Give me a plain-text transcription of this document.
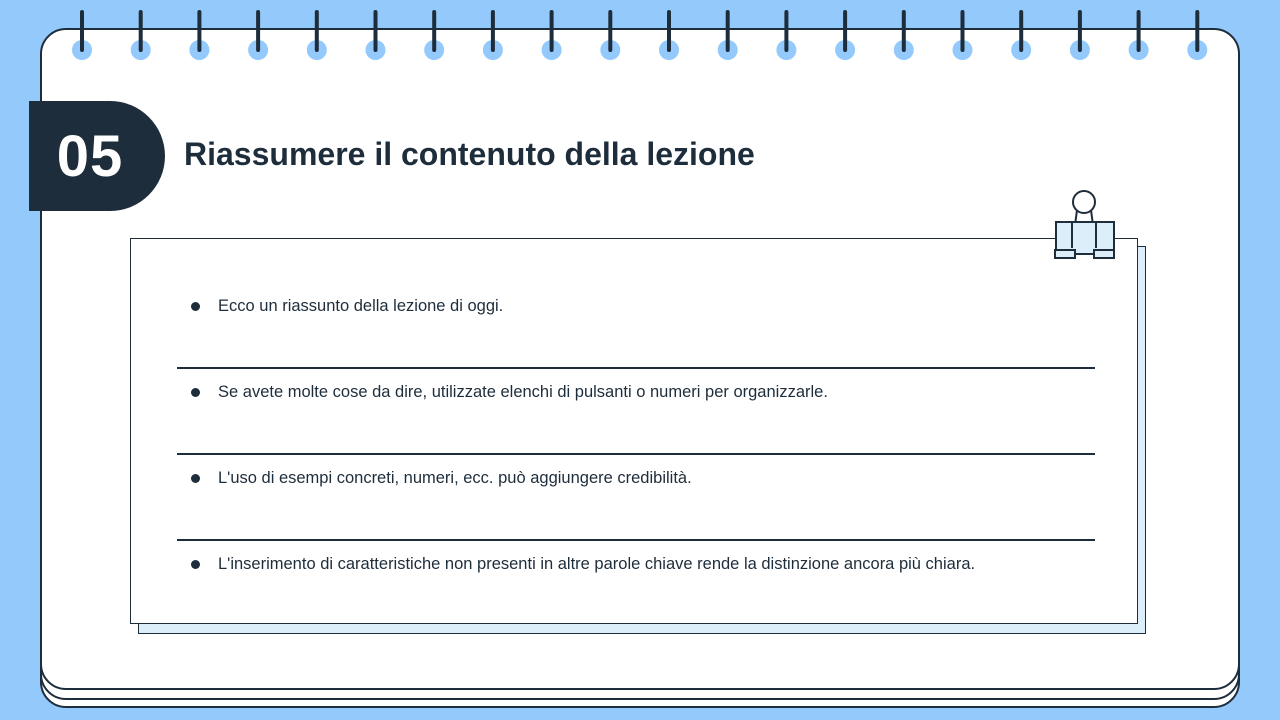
05 Riassumere il contenuto della lezione
Ecco un riassunto della lezione di oggi.
Se avete molte cose da dire, utilizzate elenchi di pulsanti o numeri per organizzarle.
L'uso di esempi concreti, numeri, ecc. può aggiungere credibilità.
L'inserimento di caratteristiche non presenti in altre parole chiave rende la distinzione ancora più chiara.
